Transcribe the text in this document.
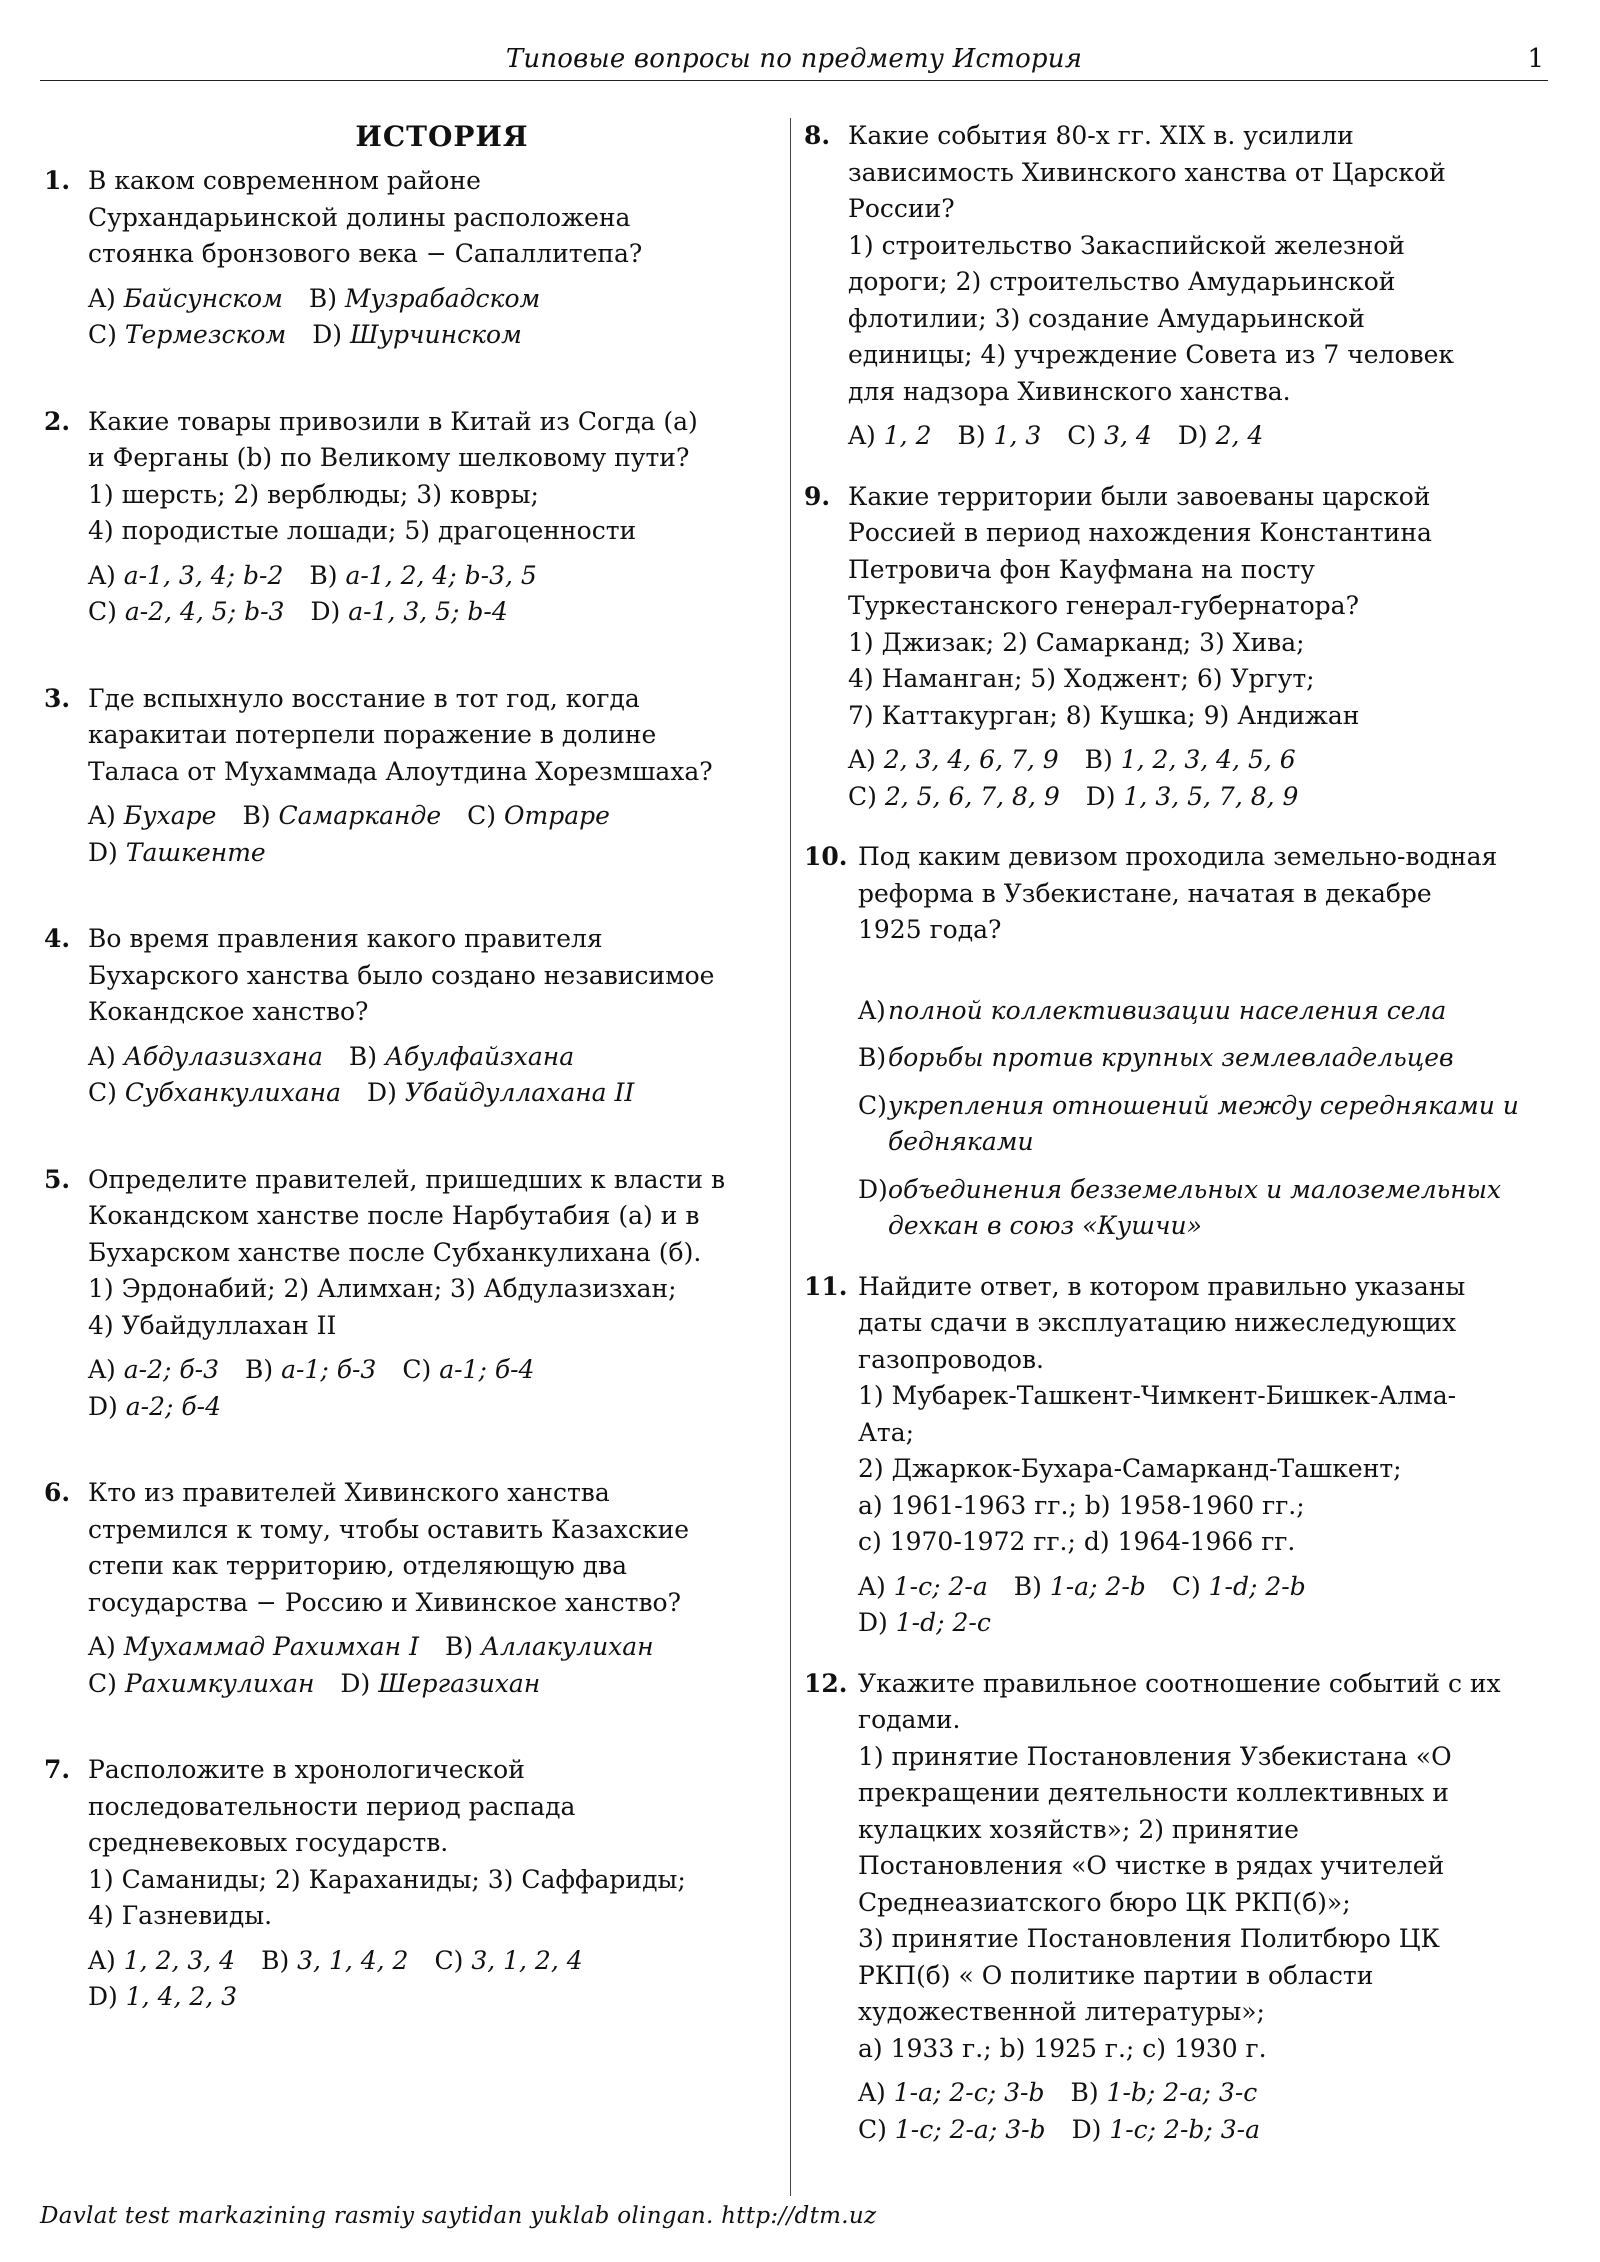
Типовые вопросы по предмету История	1
ИСТОРИЯ
1. В каком современном районе
Сурхандарьинской долины расположена
стоянка бронзового века − Сапаллитепа?
A) Байсунском B) Музрабадском
C) Термезском D) Шурчинском
2. Какие товары привозили в Китай из Согда (a)
и Ферганы (b) по Великому шелковому пути?
1) шерсть; 2) верблюды; 3) ковры;
4) породистые лошади; 5) драгоценности
A) a-1, 3, 4; b-2 B) a-1, 2, 4; b-3, 5
C) a-2, 4, 5; b-3 D) a-1, 3, 5; b-4
3. Где вспыхнуло восстание в тот год, когда
каракитаи потерпели поражение в долине
Таласа от Мухаммада Алоутдина Хорезмшаха?
A) Бухаре B) Самарканде C) Отраре
D) Ташкенте
4. Во время правления какого правителя
Бухарского ханства было создано независимое
Кокандское ханство?
A) Абдулазизхана B) Абулфайзхана
C) Субханкулихана D) Убайдуллахана II
5. Определите правителей, пришедших к власти в
Кокандском ханстве после Нарбутабия (а) и в
Бухарском ханстве после Субханкулихана (б).
1) Эрдонабий; 2) Алимхан; 3) Абдулазизхан;
4) Убайдуллахан II
A) а-2; б-3 B) а-1; б-3 C) а-1; б-4
D) а-2; б-4
6. Кто из правителей Хивинского ханства
стремился к тому, чтобы оставить Казахские
степи как территорию, отделяющую два
государства − Россию и Хивинское ханство?
A) Мухаммад Рахимхан I B) Аллакулихан
C) Рахимкулихан D) Шергазихан
7. Расположите в хронологической
последовательности период распада
средневековых государств.
1) Саманиды; 2) Караханиды; 3) Саффариды;
4) Газневиды.
A) 1, 2, 3, 4 B) 3, 1, 4, 2 C) 3, 1, 2, 4
D) 1, 4, 2, 3
8. Какие события 80-х гг. XIX в. усилили
зависимость Хивинского ханства от Царской
России?
1) строительство Закаспийской железной
дороги; 2) строительство Амударьинской
флотилии; 3) создание Амударьинской
единицы; 4) учреждение Совета из 7 человек
для надзора Хивинского ханства.
A) 1, 2 B) 1, 3 C) 3, 4 D) 2, 4
9. Какие территории были завоеваны царской
Россией в период нахождения Константина
Петровича фон Кауфмана на посту
Туркестанского генерал-губернатора?
1) Джизак; 2) Самарканд; 3) Хива;
4) Наманган; 5) Ходжент; 6) Ургут;
7) Каттакурган; 8) Кушка; 9) Андижан
A) 2, 3, 4, 6, 7, 9 B) 1, 2, 3, 4, 5, 6
C) 2, 5, 6, 7, 8, 9 D) 1, 3, 5, 7, 8, 9
10. Под каким девизом проходила земельно-водная
реформа в Узбекистане, начатая в декабре
1925 года?
A) полной коллективизации населения села
B) борьбы против крупных землевладельцев
C) укрепления отношений между середняками и
бедняками
D) объединения безземельных и малоземельных
дехкан в союз «Кушчи»
11. Найдите ответ, в котором правильно указаны
даты сдачи в эксплуатацию нижеследующих
газопроводов.
1) Мубарек-Ташкент-Чимкент-Бишкек-Алма-
Ата;
2) Джаркок-Бухара-Самарканд-Ташкент;
a) 1961-1963 гг.; b) 1958-1960 гг.;
c) 1970-1972 гг.; d) 1964-1966 гг.
A) 1-c; 2-a B) 1-a; 2-b C) 1-d; 2-b
D) 1-d; 2-c
12. Укажите правильное соотношение событий с их
годами.
1) принятие Постановления Узбекистана «О
прекращении деятельности коллективных и
кулацких хозяйств»; 2) принятие
Постановления «О чистке в рядах учителей
Среднеазиатского бюро ЦК РКП(б)»;
3) принятие Постановления Политбюро ЦК
РКП(б) « О политике партии в области
художественной литературы»;
a) 1933 г.; b) 1925 г.; c) 1930 г.
A) 1-a; 2-c; 3-b B) 1-b; 2-a; 3-c
C) 1-c; 2-a; 3-b D) 1-c; 2-b; 3-a
Davlat test markazining rasmiy saytidan yuklab olingan. http://dtm.uz
